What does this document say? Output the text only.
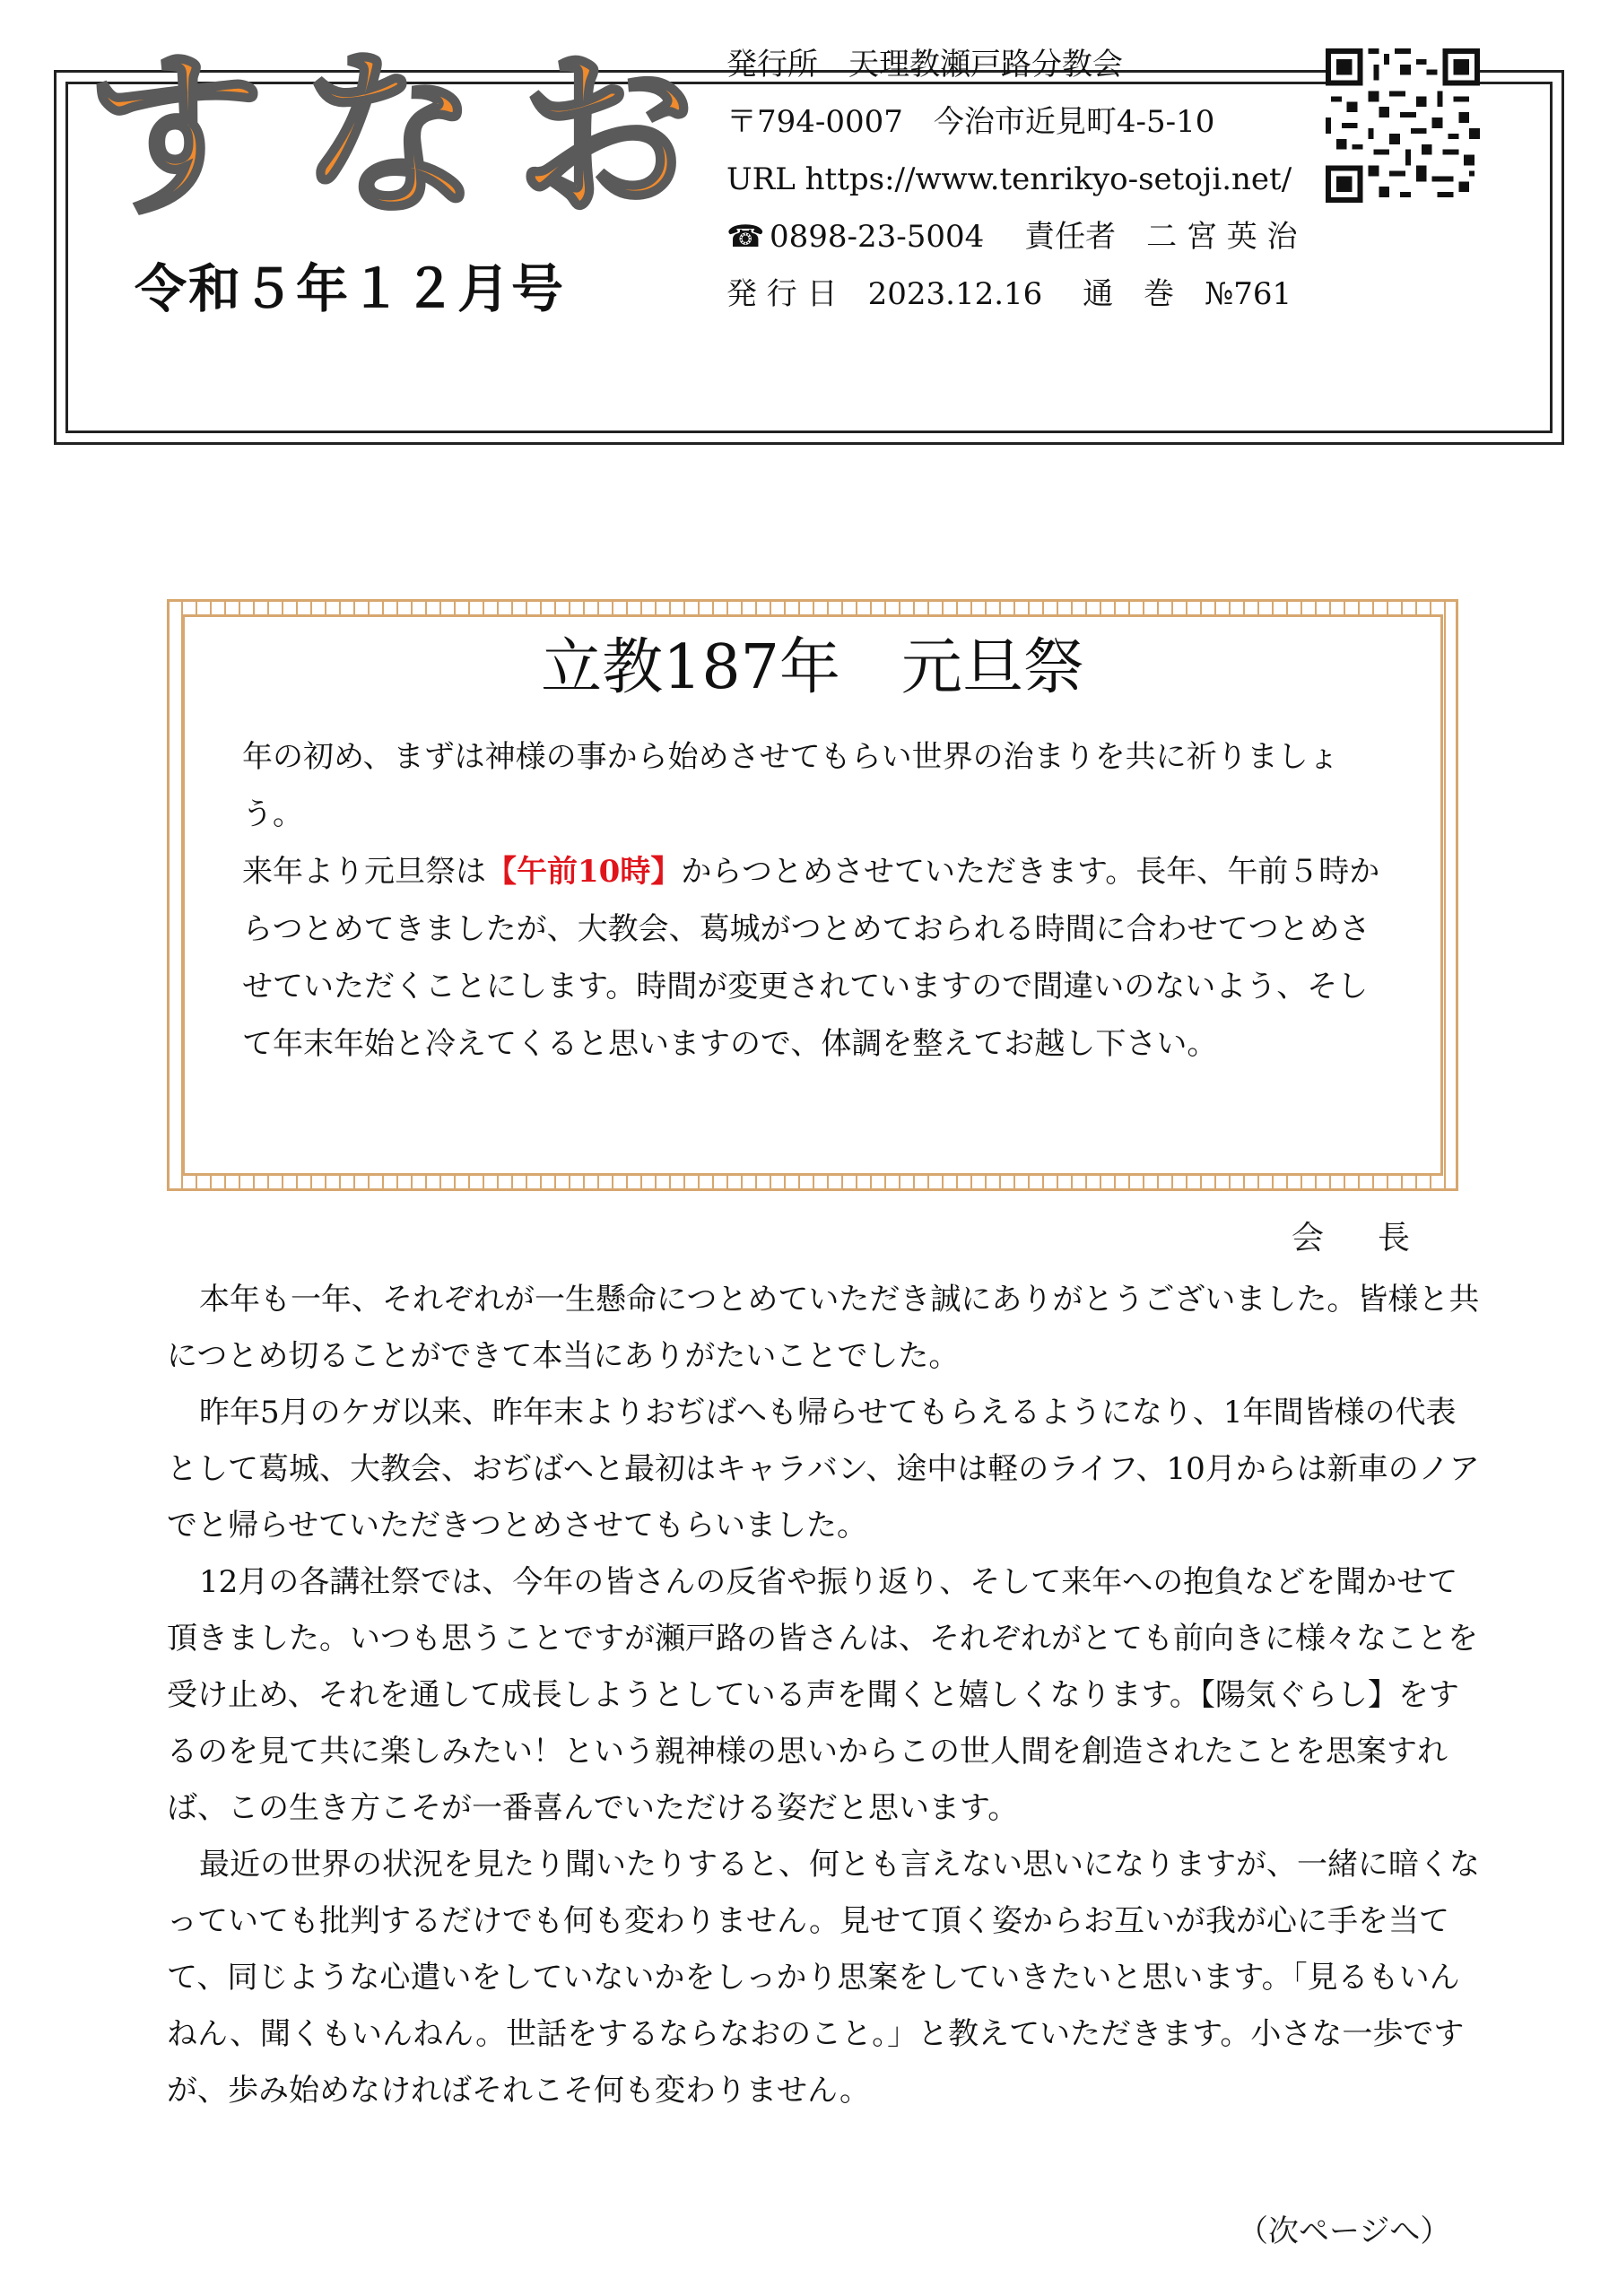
すなお
令和５年１２月号
発行所　天理教瀬戸路分教会
〒794-0007　今治市近見町4-5-10
URL https://www.tenrikyo-setoji.net/
☎ 0898-23-5004　 責任者　二 宮 英 治
発 行 日　2023.12.16　 通　巻　№761
立教187年　元旦祭

年の初め、まずは神様の事から始めさせてもらい世界の治まりを共に祈りましょう。

来年より元旦祭は【午前10時】からつとめさせていただきます。長年、午前５時からつとめてきましたが、大教会、葛城がつとめておられる時間に合わせてつとめさせていただくことにします。時間が変更されていますので間違いのないよう、そして年末年始と冷えてくると思いますので、体調を整えてお越し下さい。

会長

本年も一年、それぞれが一生懸命につとめていただき誠にありがとうございました。皆様と共につとめ切ることができて本当にありがたいことでした。

昨年5月のケガ以来、昨年末よりおぢばへも帰らせてもらえるようになり、1年間皆様の代表として葛城、大教会、おぢばへと最初はキャラバン、途中は軽のライフ、10月からは新車のノアでと帰らせていただきつとめさせてもらいました。

12月の各講社祭では、今年の皆さんの反省や振り返り、そして来年への抱負などを聞かせて頂きました。いつも思うことですが瀬戸路の皆さんは、それぞれがとても前向きに様々なことを受け止め、それを通して成長しようとしている声を聞くと嬉しくなります。【陽気ぐらし】をするのを見て共に楽しみたい！という親神様の思いからこの世人間を創造されたことを思案すれば、この生き方こそが一番喜んでいただける姿だと思います。

最近の世界の状況を見たり聞いたりすると、何とも言えない思いになりますが、一緒に暗くなっていても批判するだけでも何も変わりません。見せて頂く姿からお互いが我が心に手を当てて、同じような心遣いをしていないかをしっかり思案をしていきたいと思います。「見るもいんねん、聞くもいんねん。世話をするならなおのこと。」と教えていただきます。小さな一歩ですが、歩み始めなければそれこそ何も変わりません。

（次ページへ）
